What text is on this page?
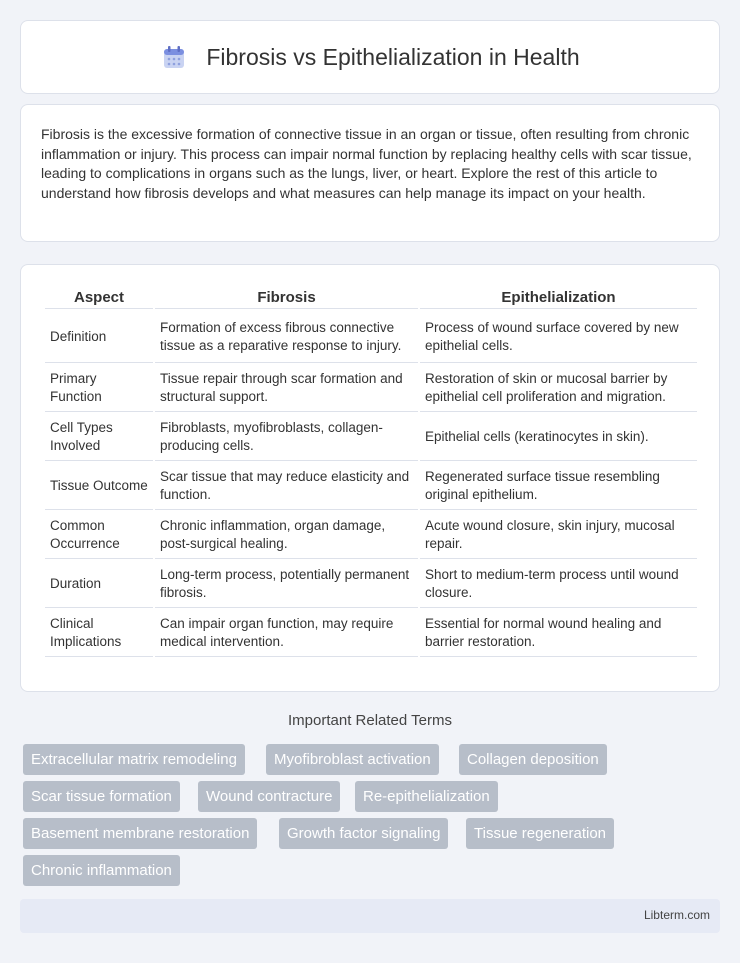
Fibrosis vs Epithelialization in Health

Fibrosis is the excessive formation of connective tissue in an organ or tissue, often resulting from chronic inflammation or injury. This process can impair normal function by replacing healthy cells with scar tissue, leading to complications in organs such as the lungs, liver, or heart. Explore the rest of this article to understand how fibrosis develops and what measures can help manage its impact on your health.

Aspect	Fibrosis	Epithelialization
Definition	Formation of excess fibrous connective tissue as a reparative response to injury.	Process of wound surface covered by new epithelial cells.
Primary Function	Tissue repair through scar formation and structural support.	Restoration of skin or mucosal barrier by epithelial cell proliferation and migration.
Cell Types Involved	Fibroblasts, myofibroblasts, collagen-producing cells.	Epithelial cells (keratinocytes in skin).
Tissue Outcome	Scar tissue that may reduce elasticity and function.	Regenerated surface tissue resembling original epithelium.
Common Occurrence	Chronic inflammation, organ damage, post-surgical healing.	Acute wound closure, skin injury, mucosal repair.
Duration	Long-term process, potentially permanent fibrosis.	Short to medium-term process until wound closure.
Clinical Implications	Can impair organ function, may require medical intervention.	Essential for normal wound healing and barrier restoration.
Important Related Terms
Extracellular matrix remodeling	Myofibroblast activation	Collagen deposition
Scar tissue formation	Wound contracture	Re-epithelialization
Basement membrane restoration	Growth factor signaling	Tissue regeneration
Chronic inflammation
Libterm.com
